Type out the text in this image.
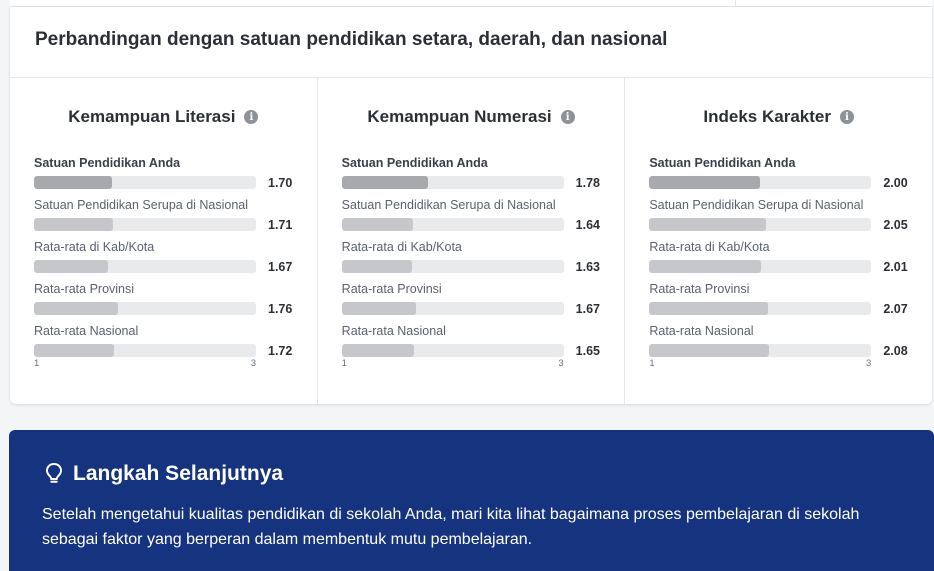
Perbandingan dengan satuan pendidikan setara, daerah, dan nasional
Kemampuan Literasi	i
Satuan Pendidikan Anda
1.70
Satuan Pendidikan Serupa di Nasional
1.71
Rata-rata di Kab/Kota
1.67
Rata-rata Provinsi
1.76
Rata-rata Nasional
1.72
1	3
Kemampuan Numerasi	i
Satuan Pendidikan Anda
1.78
Satuan Pendidikan Serupa di Nasional
1.64
Rata-rata di Kab/Kota
1.63
Rata-rata Provinsi
1.67
Rata-rata Nasional
1.65
1	3
Indeks Karakter	i
Satuan Pendidikan Anda
2.00
Satuan Pendidikan Serupa di Nasional
2.05
Rata-rata di Kab/Kota
2.01
Rata-rata Provinsi
2.07
Rata-rata Nasional
2.08
1	3
Langkah Selanjutnya

Setelah mengetahui kualitas pendidikan di sekolah Anda, mari kita lihat bagaimana proses pembelajaran di sekolah sebagai faktor yang berperan dalam membentuk mutu pembelajaran.
